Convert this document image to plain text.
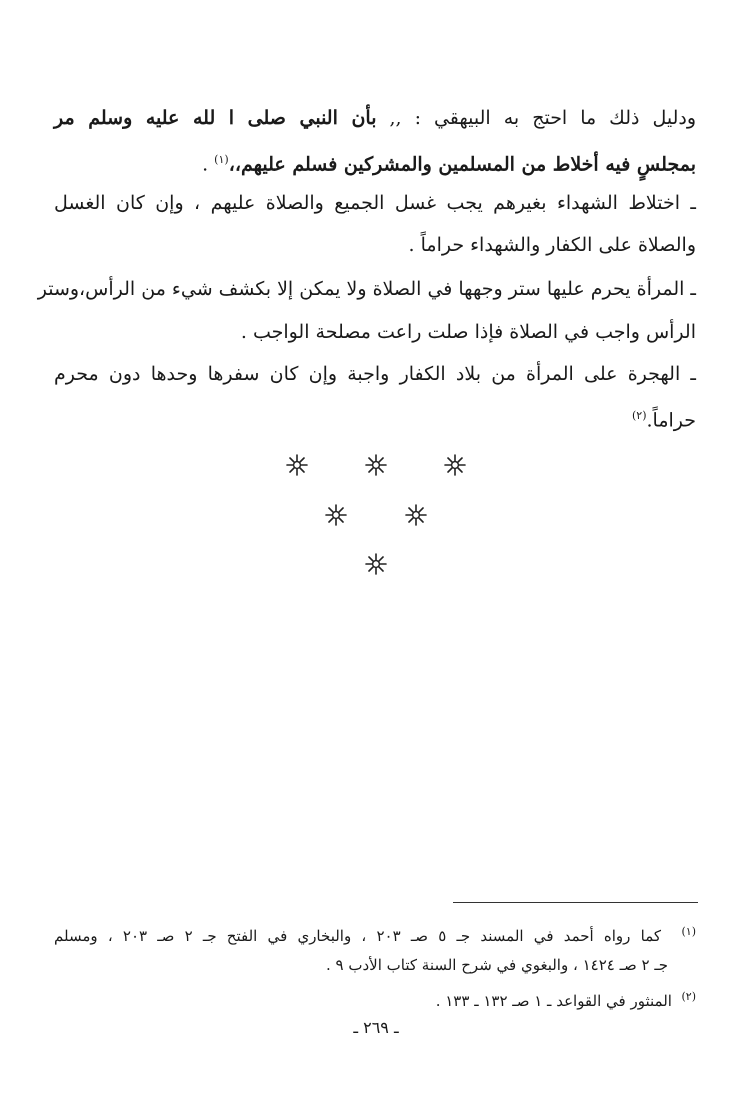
ودليل ذلك ما احتج به البيهقي : ,, بأن النبي صلى ا لله عليه وسلم مر
بمجلسٍ فيه أخلاط من المسلمين والمشركين فسلم عليهم،،$^{(١)}$ .
ـ اختلاط الشهداء بغيرهم يجب غسل الجميع والصلاة عليهم ، وإن كان الغسل
والصلاة على الكفار والشهداء حراماً .
ـ المرأة يحرم عليها ستر وجهها في الصلاة ولا يمكن إلا بكشف شيء من الرأس،وستر
الرأس واجب في الصلاة فإذا صلت راعت مصلحة الواجب .
ـ الهجرة على المرأة من بلاد الكفار واجبة وإن كان سفرها وحدها دون محرم
حراماً.$^{(٢)}$

$^{(١)}$  كما رواه أحمد في المسند جـ ٥ صـ ٢٠٣ ، والبخاري في الفتح جـ ٢ صـ ٢٠٣ ، ومسلم
جـ ٢ صـ ١٤٢٤ ، والبغوي في شرح السنة كتاب الأدب ٩ .
$^{(٢)}$  المنثور في القواعد ـ ١ صـ ١٣٢ ـ ١٣٣ .
ـ ٢٦٩ ـ
